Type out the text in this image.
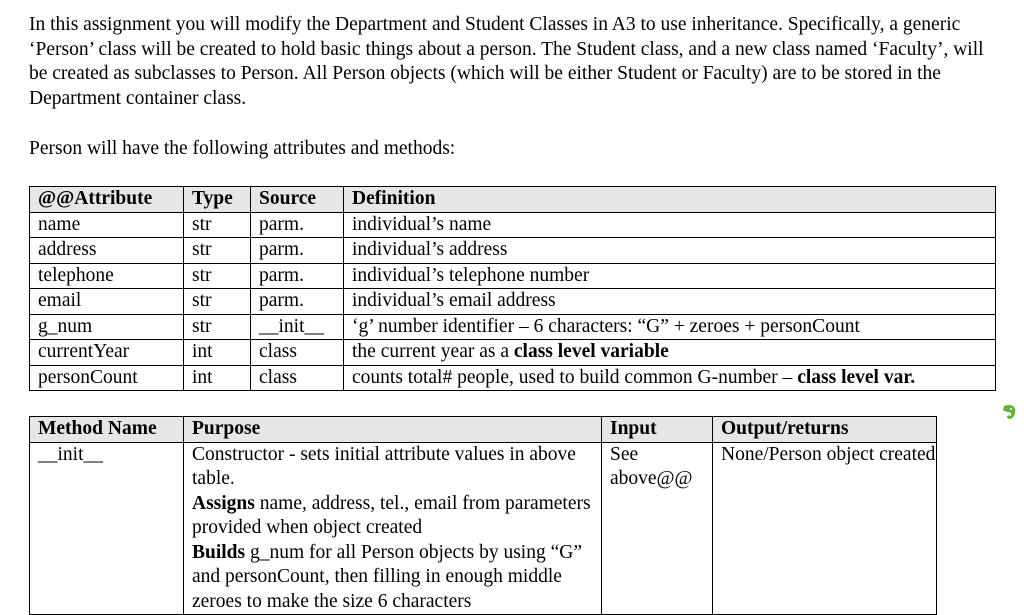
In this assignment you will modify the Department and Student Classes in A3 to use inheritance. Specifically, a generic ‘Person’ class will be created to hold basic things about a person. The Student class, and a new class named ‘Faculty’, will be created as subclasses to Person. All Person objects (which will be either Student or Faculty) are to be stored in the Department container class.

Person will have the following attributes and methods:

@@Attribute	Type	Source	Definition
name	str	parm.	individual’s name
address	str	parm.	individual’s address
telephone	str	parm.	individual’s telephone number
email	str	parm.	individual’s email address
g_num	str	__init__	‘g’ number identifier – 6 characters: “G” + zeroes + personCount
currentYear	int	class	the current year as a class level variable
personCount	int	class	counts total# people, used to build common G-number – class level var.
Method Name	Purpose	Input	Output/returns
__init__	Constructor - sets initial attribute values in above table.
Assigns name, address, tel., email from parameters provided when object created
Builds g_num for all Person objects by using “G” and personCount, then filling in enough middle zeroes to make the size 6 characters	See above@@	None/Person object created
